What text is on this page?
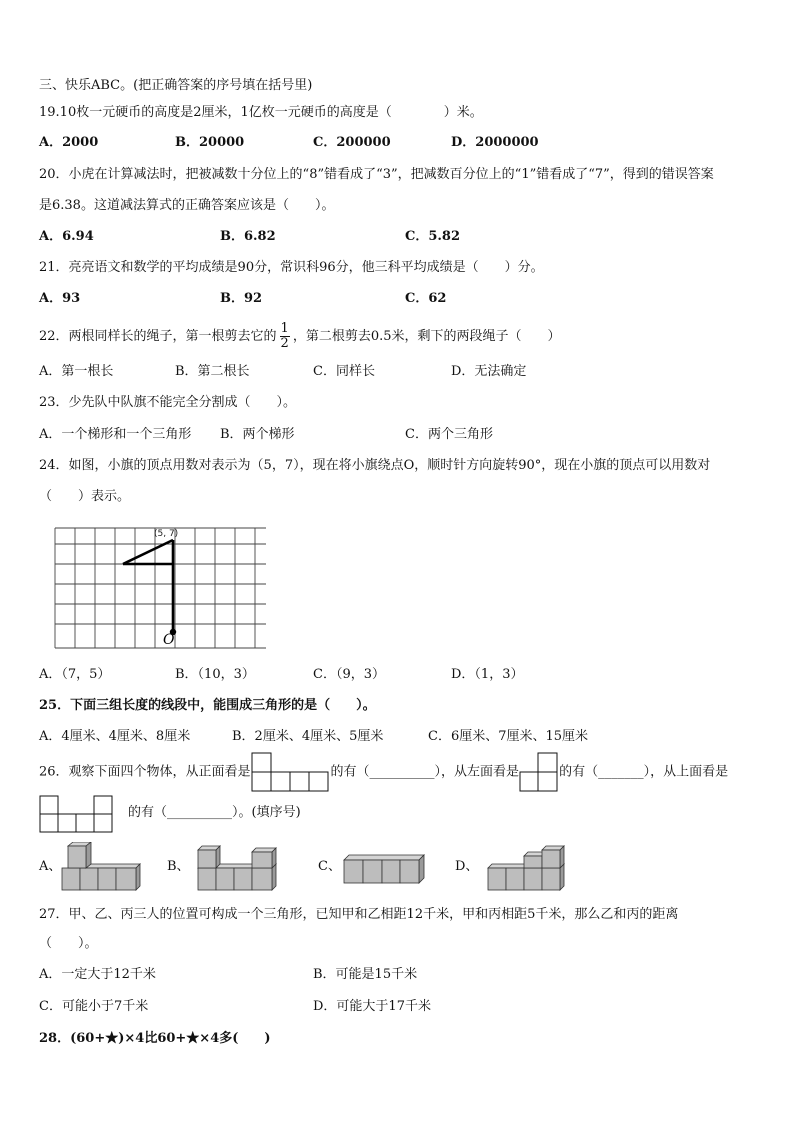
三、快乐ABC。(把正确答案的序号填在括号里)
19.10枚一元硬币的高度是2厘米，1亿枚一元硬币的高度是（　　　　）米。
A．2000	B．20000	C．200000	D．2000000
20．小虎在计算减法时，把被减数十分位上的“8”错看成了“3”，把减数百分位上的“1”错看成了“7”，得到的错误答案
是6.38。这道减法算式的正确答案应该是（　　）。
A．6.94	B．6.82	C．5.82
21．亮亮语文和数学的平均成绩是90分，常识科96分，他三科平均成绩是（　　）分。
A．93	B．92	C．62
22．两根同样长的绳子，第一根剪去它的 $\frac{1}{2}$ ，第二根剪去0.5米，剩下的两段绳子（　　）
A．第一根长	B．第二根长	C．同样长	D．无法确定
23．少先队中队旗不能完全分割成（　　）。
A．一个梯形和一个三角形 B．两个梯形	C．两个三角形
24．如图，小旗的顶点用数对表示为（5，7），现在将小旗绕点O，顺时针方向旋转90°，现在小旗的顶点可以用数对
（　　）表示。
(5, 7)
O
A．（7，5）	B．（10，3）	C．（9，3）	D．（1，3）
25．下面三组长度的线段中，能围成三角形的是（　　）。
A．4厘米、4厘米、8厘米	B．2厘米、4厘米、5厘米	C．6厘米、7厘米、15厘米
26．观察下面四个物体，从正面看是	的有（__________），从左面看是	的有（_______），从上面看是
的有（__________）。(填序号)
A、	B、	C、	D、
27．甲、乙、丙三人的位置可构成一个三角形，已知甲和乙相距12千米，甲和丙相距5千米，那么乙和丙的距离
（　　）。
A．一定大于12千米	B．可能是15千米
C．可能小于7千米	D．可能大于17千米
28．(60+★)×4比60+★×4多(　　)
